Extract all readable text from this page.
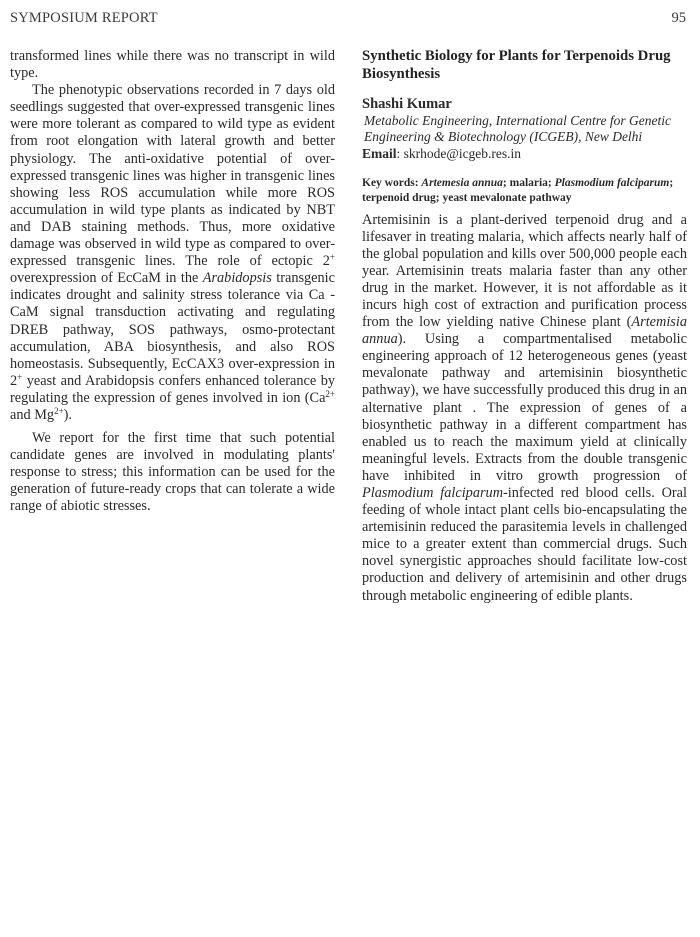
SYMPOSIUM REPORT	95

transformed lines while there was no transcript in wild type.

The phenotypic observations recorded in 7 days old seedlings suggested that over-expressed transgenic lines were more tolerant as compared to wild type as evident from root elongation with lateral growth and better physiology. The anti-oxidative potential of over-expressed transgenic lines was higher in transgenic lines showing less ROS accumulation while more ROS accumulation in wild type plants as indicated by NBT and DAB staining methods. Thus, more oxidative damage was observed in wild type as compared to over-expressed transgenic lines. The role of ectopic 2+ overexpression of EcCaM in the Arabidopsis transgenic indicates drought and salinity stress tolerance via Ca - CaM signal transduction activating and regulating DREB pathway, SOS pathways, osmo-protectant accumulation, ABA biosynthesis, and also ROS homeostasis. Subsequently, EcCAX3 over-expression in 2+ yeast and Arabidopsis confers enhanced tolerance by regulating the expression of genes involved in ion ($Ca^{2+}$ and $Mg^{2+}$).

We report for the first time that such potential candidate genes are involved in modulating plants' response to stress; this information can be used for the generation of future-ready crops that can tolerate a wide range of abiotic stresses.

Synthetic Biology for Plants for Terpenoids Drug Biosynthesis

Shashi Kumar

Metabolic Engineering, International Centre for Genetic Engineering & Biotechnology (ICGEB), New Delhi

Email: skrhode@icgeb.res.in

Key words: Artemesia annua; malaria; Plasmodium falciparum; terpenoid drug; yeast mevalonate pathway

Artemisinin is a plant-derived terpenoid drug and a lifesaver in treating malaria, which affects nearly half of the global population and kills over 500,000 people each year. Artemisinin treats malaria faster than any other drug in the market. However, it is not affordable as it incurs high cost of extraction and purification process from the low yielding native Chinese plant (Artemisia annua). Using a compartmentalised metabolic engineering approach of 12 heterogeneous genes (yeast mevalonate pathway and artemisinin biosynthetic pathway), we have successfully produced this drug in an alternative plant . The expression of genes of a biosynthetic pathway in a different compartment has enabled us to reach the maximum yield at clinically meaningful levels. Extracts from the double transgenic have inhibited in vitro growth progression of Plasmodium falciparum-infected red blood cells. Oral feeding of whole intact plant cells bio-encapsulating the artemisinin reduced the parasitemia levels in challenged mice to a greater extent than commercial drugs. Such novel synergistic approaches should facilitate low-cost production and delivery of artemisinin and other drugs through metabolic engineering of edible plants.
